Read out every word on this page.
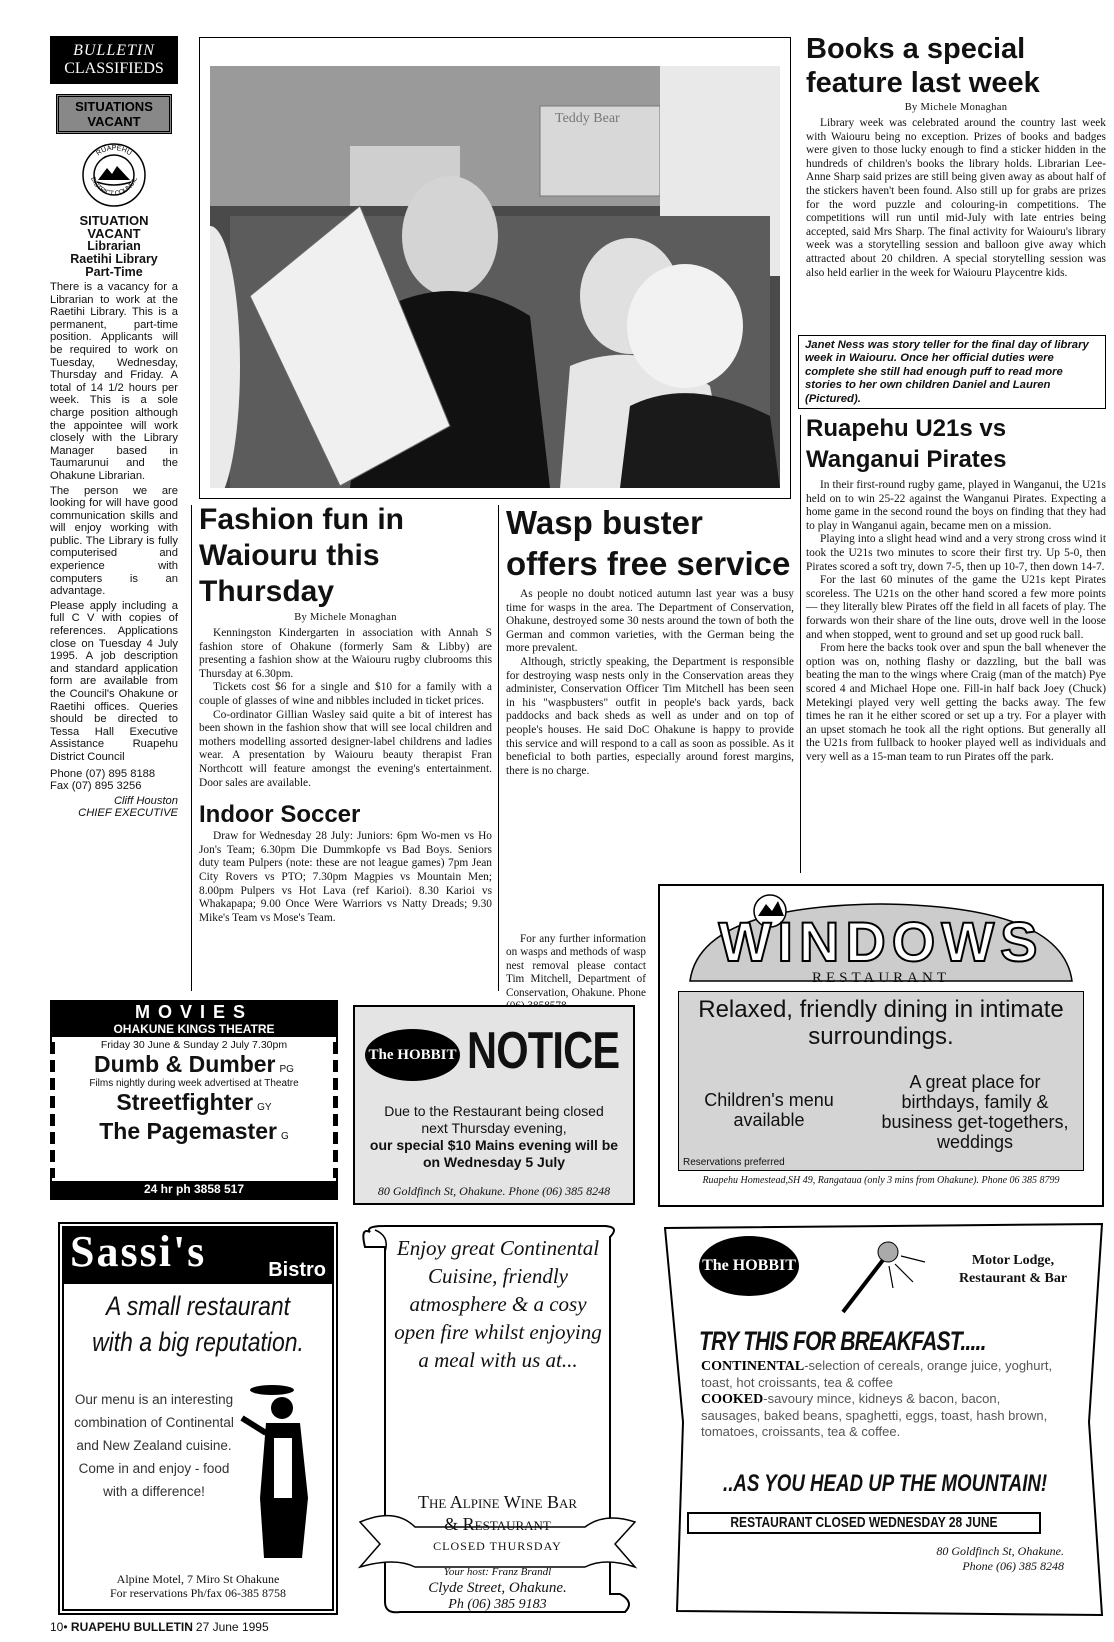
BULLETIN
CLASSIFIEDS
SITUATIONS VACANT
RUAPEHU
DISTRICT COUNCIL
SITUATION
VACANT
Librarian
Raetihi Library
Part-Time

There is a vacancy for a Librarian to work at the Raetihi Library. This is a permanent, part-time position. Applicants will be required to work on Tuesday, Wednesday, Thursday and Friday. A total of 14 1/2 hours per week. This is a sole charge position although the appointee will work closely with the Library Manager based in Taumarunui and the Ohakune Librarian.

The person we are looking for will have good communication skills and will enjoy working with public. The Library is fully computerised and experience with computers is an advantage.

Please apply including a full C V with copies of references. Applications close on Tuesday 4 July 1995. A job description and standard application form are available from the Council's Ohakune or Raetihi offices. Queries should be directed to Tessa Hall Executive Assistance Ruapehu District Council

Phone (07) 895 8188
Fax (07) 895 3256
Cliff Houston
CHIEF EXECUTIVE
Teddy Bear
Books a special feature last week
By Michele Monaghan

Library week was celebrated around the country last week with Waiouru being no exception. Prizes of books and badges were given to those lucky enough to find a sticker hidden in the hundreds of children's books the library holds. Librarian Lee-Anne Sharp said prizes are still being given away as about half of the stickers haven't been found. Also still up for grabs are prizes for the word puzzle and colouring-in competitions. The competitions will run until mid-July with late entries being accepted, said Mrs Sharp. The final activity for Waiouru's library week was a storytelling session and balloon give away which attracted about 20 children. A special storytelling session was also held earlier in the week for Waiouru Playcentre kids.

Janet Ness was story teller for the final day of library week in Waiouru. Once her official duties were complete she still had enough puff to read more stories to her own children Daniel and Lauren (Pictured).
Ruapehu U21s vs Wanganui Pirates

In their first-round rugby game, played in Wanganui, the U21s held on to win 25-22 against the Wanganui Pirates. Expecting a home game in the second round the boys on finding that they had to play in Wanganui again, became men on a mission.

Playing into a slight head wind and a very strong cross wind it took the U21s two minutes to score their first try. Up 5-0, then Pirates scored a soft try, down 7-5, then up 10-7, then down 14-7.

For the last 60 minutes of the game the U21s kept Pirates scoreless. The U21s on the other hand scored a few more points — they literally blew Pirates off the field in all facets of play. The forwards won their share of the line outs, drove well in the loose and when stopped, went to ground and set up good ruck ball.

From here the backs took over and spun the ball whenever the option was on, nothing flashy or dazzling, but the ball was beating the man to the wings where Craig (man of the match) Pye scored 4 and Michael Hope one. Fill-in half back Joey (Chuck) Metekingi played very well getting the backs away. The few times he ran it he either scored or set up a try. For a player with an upset stomach he took all the right options. But generally all the U21s from fullback to hooker played well as individuals and very well as a 15-man team to run Pirates off the park.

Fashion fun in Waiouru this Thursday
By Michele Monaghan

Kenningston Kindergarten in association with Annah S fashion store of Ohakune (formerly Sam & Libby) are presenting a fashion show at the Waiouru rugby clubrooms this Thursday at 6.30pm.

Tickets cost $6 for a single and $10 for a family with a couple of glasses of wine and nibbles included in ticket prices.

Co-ordinator Gillian Wasley said quite a bit of interest has been shown in the fashion show that will see local children and mothers modelling assorted designer-label childrens and ladies wear. A presentation by Waiouru beauty therapist Fran Northcott will feature amongst the evening's entertainment. Door sales are available.

Indoor Soccer

Draw for Wednesday 28 July: Juniors: 6pm Wo-men vs Ho Jon's Team; 6.30pm Die Dummkopfe vs Bad Boys. Seniors duty team Pulpers (note: these are not league games) 7pm Jean City Rovers vs PTO; 7.30pm Magpies vs Mountain Men; 8.00pm Pulpers vs Hot Lava (ref Karioi). 8.30 Karioi vs Whakapapa; 9.00 Once Were Warriors vs Natty Dreads; 9.30 Mike's Team vs Mose's Team.

Wasp buster offers free service

As people no doubt noticed autumn last year was a busy time for wasps in the area. The Department of Conservation, Ohakune, destroyed some 30 nests around the town of both the German and common varieties, with the German being the more prevalent.

Although, strictly speaking, the Department is responsible for destroying wasp nests only in the Conservation areas they administer, Conservation Officer Tim Mitchell has been seen in his "waspbusters" outfit in people's back yards, back paddocks and back sheds as well as under and on top of people's houses. He said DoC Ohakune is happy to provide this service and will respond to a call as soon as possible. As it beneficial to both parties, especially around forest margins, there is no charge.

For any further information on wasps and methods of wasp nest removal please contact Tim Mitchell, Department of Conservation, Ohakune. Phone

WINDOWS
RESTAURANT
Relaxed, friendly dining in intimate surroundings.
Children's menu available
A great place for birthdays, family & business get-togethers, weddings
Reservations preferred
Ruapehu Homestead,SH 49, Rangataua (only 3 mins from Ohakune). Phone 06 385 8799
MOVIES
OHAKUNE KINGS THEATRE
Friday 30 June & Sunday 2 July 7.30pm
Dumb & Dumber PG
Films nightly during week advertised at Theatre
Streetfighter GY
The Pagemaster G
24 hr ph 3858 517
The HOBBIT NOTICE
Due to the Restaurant being closed next Thursday evening,
our special $10 Mains evening will be on Wednesday 5 July
80 Goldfinch St, Ohakune. Phone (06) 385 8248
Sassi's	Bistro
A small restaurant with a big reputation.
Our menu is an interesting combination of Continental and New Zealand cuisine. Come in and enjoy - food with a difference!
Alpine Motel, 7 Miro St Ohakune
For reservations Ph/fax 06-385 8758
Enjoy great Continental Cuisine, friendly atmosphere & a cosy open fire whilst enjoying a meal with us at...
The Alpine Wine Bar
& Restaurant
CLOSED THURSDAY
Your host: Franz Brandl
Clyde Street, Ohakune.
Ph (06) 385 9183
The HOBBIT	Motor Lodge, Restaurant & Bar
TRY THIS FOR BREAKFAST.....
CONTINENTAL-selection of cereals, orange juice, yoghurt, toast, hot croissants, tea & coffee
COOKED-savoury mince, kidneys & bacon, bacon, sausages, baked beans, spaghetti, eggs, toast, hash brown, tomatoes, croissants, tea & coffee.
..AS YOU HEAD UP THE MOUNTAIN!
RESTAURANT CLOSED WEDNESDAY 28 JUNE
80 Goldfinch St, Ohakune.
Phone (06) 385 8248
10• RUAPEHU BULLETIN 27 June 1995
